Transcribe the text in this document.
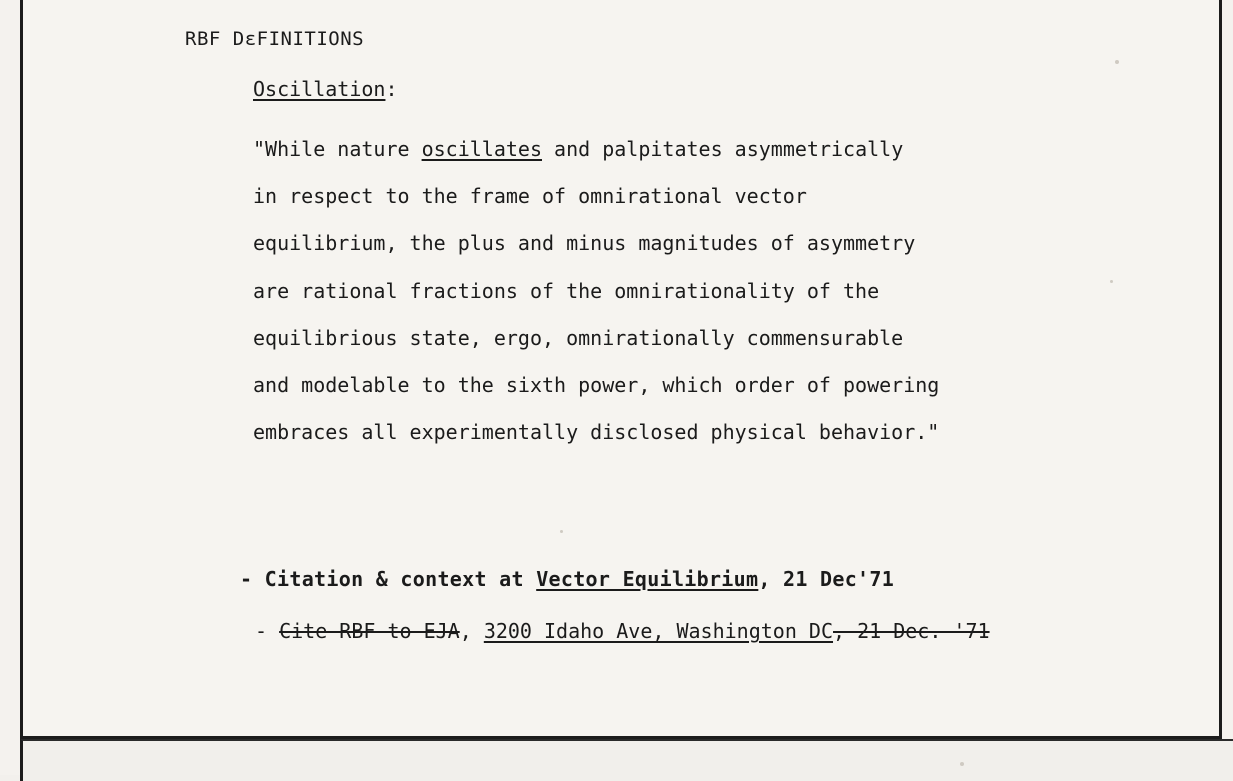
RBF DεFINITIONS
Oscillation:
"While nature oscillates and palpitates asymmetrically
in respect to the frame of omnirational vector
equilibrium, the plus and minus magnitudes of asymmetry
are rational fractions of the omnirationality of the
equilibrious state, ergo, omnirationally commensurable
and modelable to the sixth power, which order of powering
embraces all experimentally disclosed physical behavior."
- Citation & context at Vector Equilibrium, 21 Dec'71
- Cite RBF to EJA, 3200 Idaho Ave, Washington DC, 21 Dec. '71
